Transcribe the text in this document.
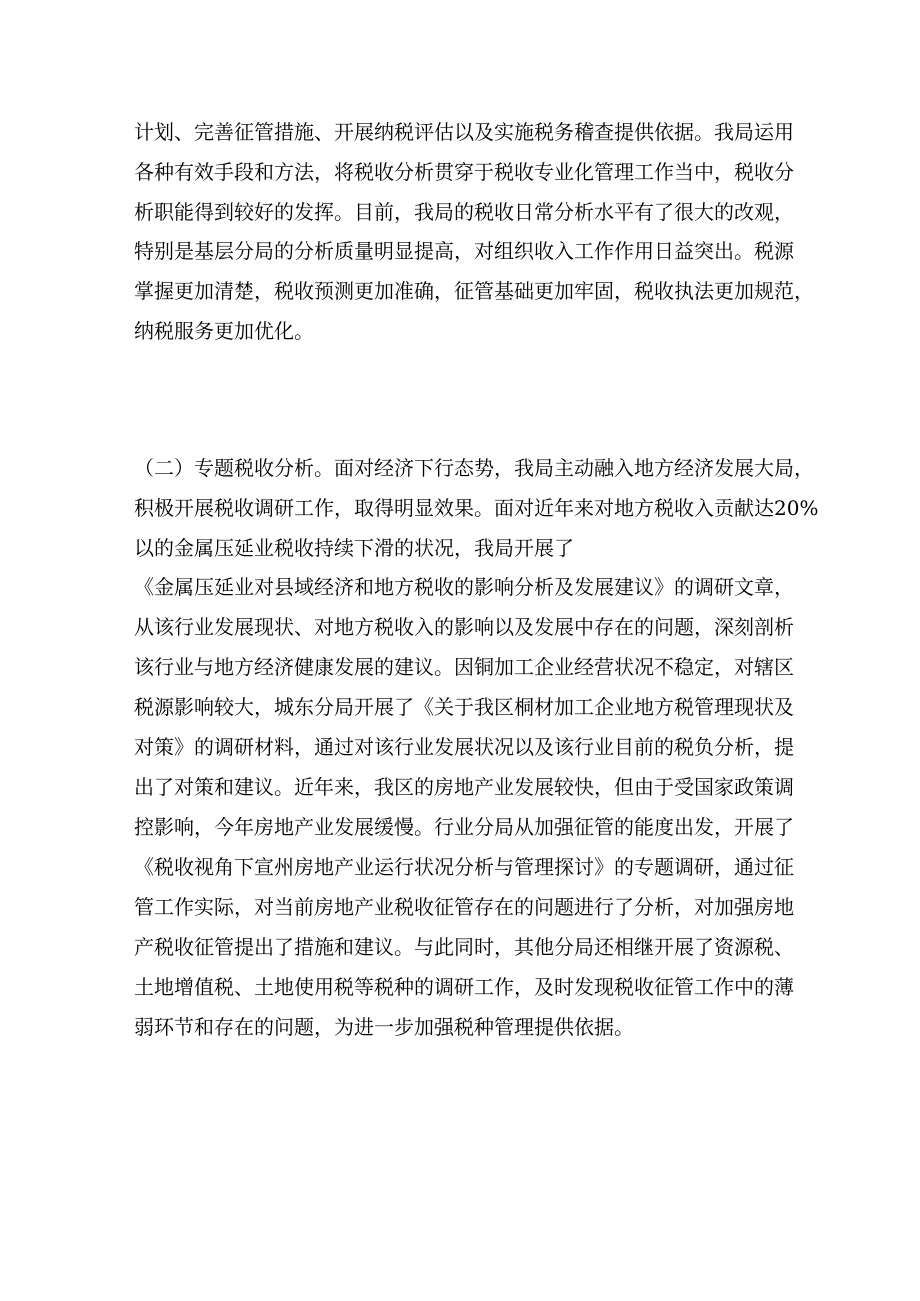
计划、完善征管措施、开展纳税评估以及实施税务稽查提供依据。我局运用
各种有效手段和方法，将税收分析贯穿于税收专业化管理工作当中，税收分
析职能得到较好的发挥。目前，我局的税收日常分析水平有了很大的改观，
特别是基层分局的分析质量明显提高，对组织收入工作作用日益突出。税源
掌握更加清楚，税收预测更加准确，征管基础更加牢固，税收执法更加规范，
纳税服务更加优化。
（二）专题税收分析。面对经济下行态势，我局主动融入地方经济发展大局，
积极开展税收调研工作，取得明显效果。面对近年来对地方税收入贡献达20%
以的金属压延业税收持续下滑的状况，我局开展了
《金属压延业对县域经济和地方税收的影响分析及发展建议》的调研文章，
从该行业发展现状、对地方税收入的影响以及发展中存在的问题，深刻剖析
该行业与地方经济健康发展的建议。因铜加工企业经营状况不稳定，对辖区
税源影响较大，城东分局开展了《关于我区桐材加工企业地方税管理现状及
对策》的调研材料，通过对该行业发展状况以及该行业目前的税负分析，提
出了对策和建议。近年来，我区的房地产业发展较快，但由于受国家政策调
控影响，今年房地产业发展缓慢。行业分局从加强征管的能度出发，开展了
《税收视角下宣州房地产业运行状况分析与管理探讨》的专题调研，通过征
管工作实际，对当前房地产业税收征管存在的问题进行了分析，对加强房地
产税收征管提出了措施和建议。与此同时，其他分局还相继开展了资源税、
土地增值税、土地使用税等税种的调研工作，及时发现税收征管工作中的薄
弱环节和存在的问题，为进一步加强税种管理提供依据。
